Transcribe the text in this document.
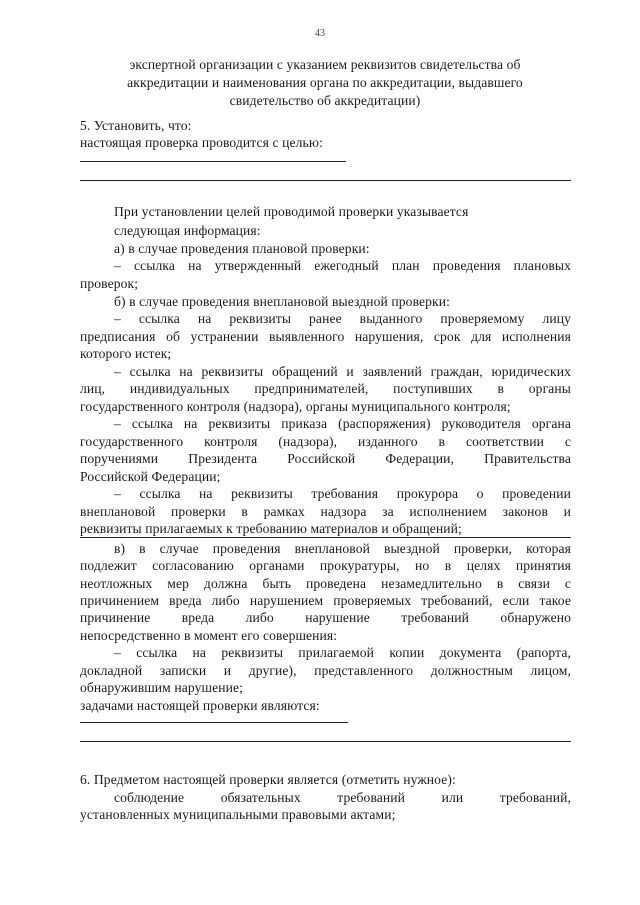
43
экспертной организации с указанием реквизитов свидетельства об
аккредитации и наименования органа по аккредитации, выдавшего
свидетельство об аккредитации)
5. Установить, что:
настоящая проверка проводится с целью:
При установлении целей проводимой проверки указывается
следующая информация:
а) в случае проведения плановой проверки:
– ссылка на утвержденный ежегодный план проведения плановых
проверок;
б) в случае проведения внеплановой выездной проверки:
– ссылка на реквизиты ранее выданного проверяемому лицу
предписания об устранении выявленного нарушения, срок для исполнения
которого истек;
– ссылка на реквизиты обращений и заявлений граждан, юридических
лиц, индивидуальных предпринимателей, поступивших в органы
государственного контроля (надзора), органы муниципального контроля;
– ссылка на реквизиты приказа (распоряжения) руководителя органа
государственного контроля (надзора), изданного в соответствии с
поручениями Президента Российской Федерации, Правительства
Российской Федерации;
– ссылка на реквизиты требования прокурора о проведении
внеплановой проверки в рамках надзора за исполнением законов и
реквизиты прилагаемых к требованию материалов и обращений;
в) в случае проведения внеплановой выездной проверки, которая
подлежит согласованию органами прокуратуры, но в целях принятия
неотложных мер должна быть проведена незамедлительно в связи с
причинением вреда либо нарушением проверяемых требований, если такое
причинение вреда либо нарушение требований обнаружено
непосредственно в момент его совершения:
– ссылка на реквизиты прилагаемой копии документа (рапорта,
докладной записки и другие), представленного должностным лицом,
обнаружившим нарушение;
задачами настоящей проверки являются:
6. Предметом настоящей проверки является (отметить нужное):
соблюдение обязательных требований или требований,
установленных муниципальными правовыми актами;
